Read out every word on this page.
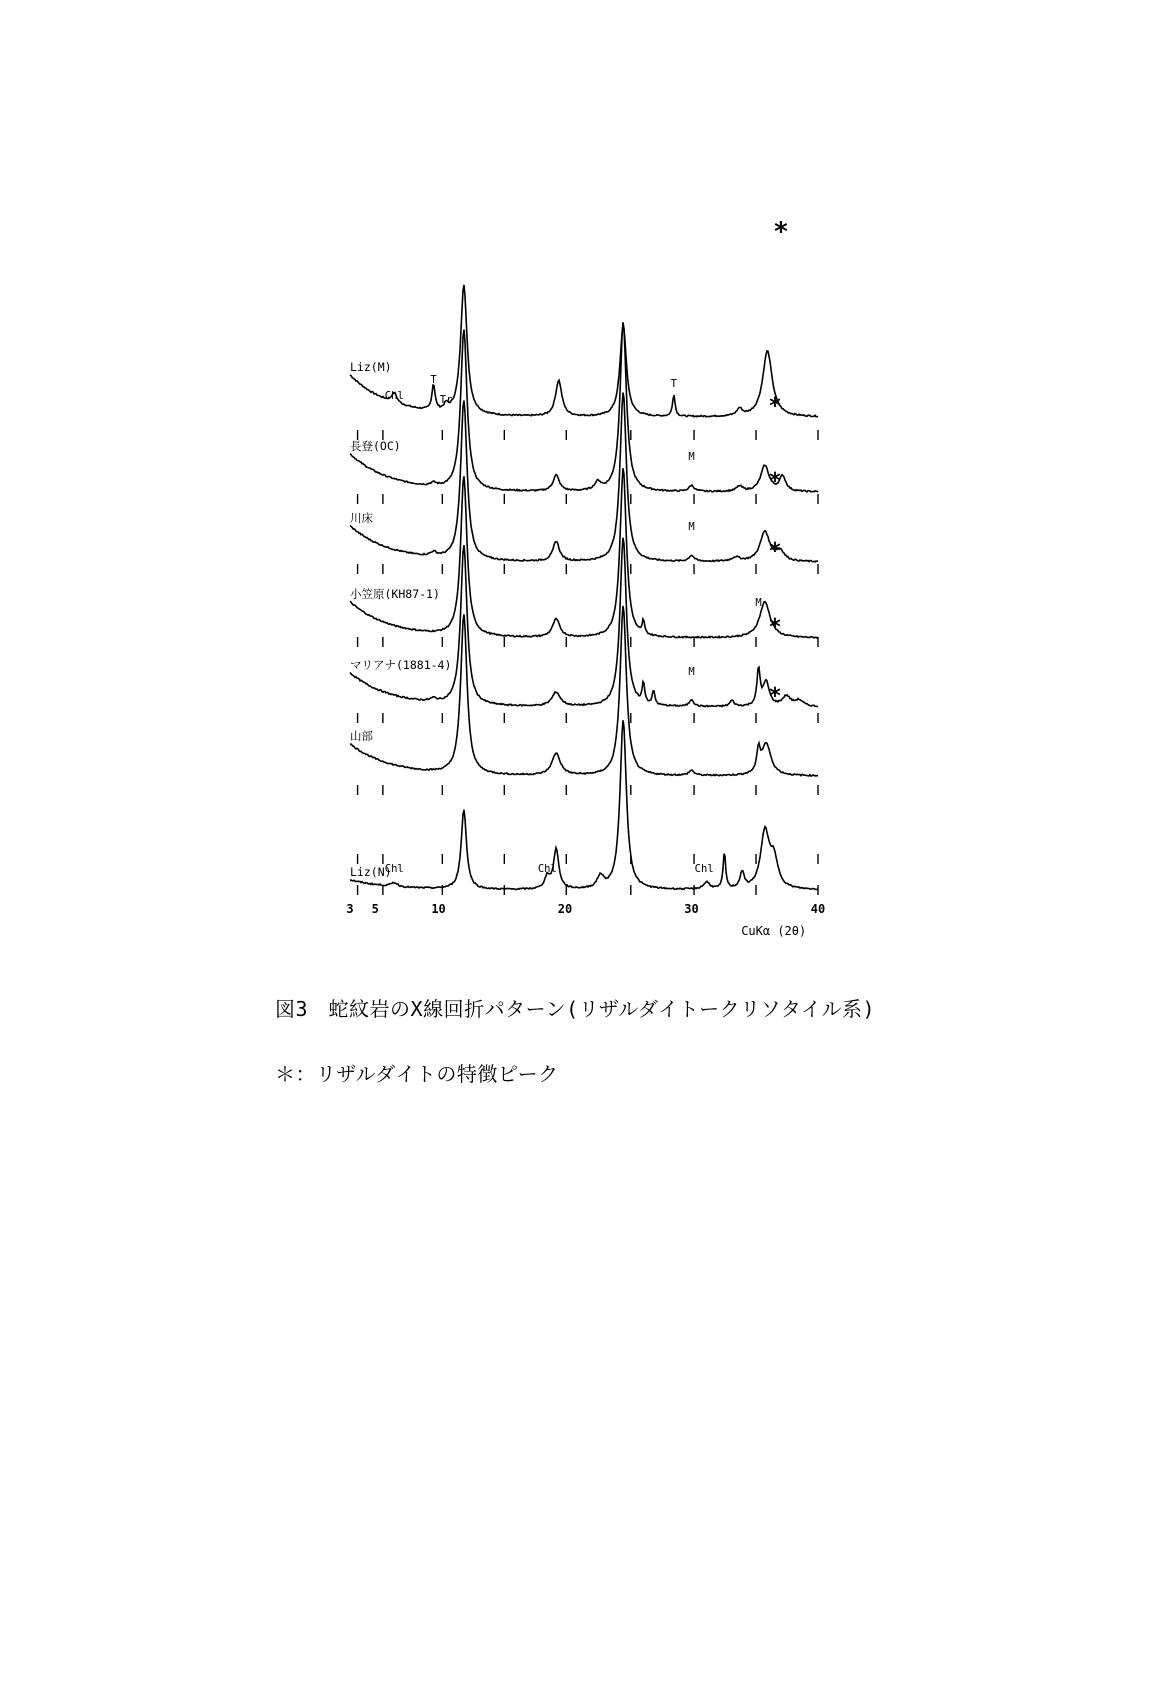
Liz(M)
Chl
T
Tr
T
*
長登(OC)
M
*
川床
M
*
小笠原(KH87-1)
M
*
マリアナ(1881-4)	M
*
山部
Liz(N)
Chl	Chl	Chl
*
3 5	10	20	30	40
CuKα (2θ)

図3　蛇紋岩のX線回折パターン(リザルダイトークリソタイル系)

＊：リザルダイトの特徴ピーク
